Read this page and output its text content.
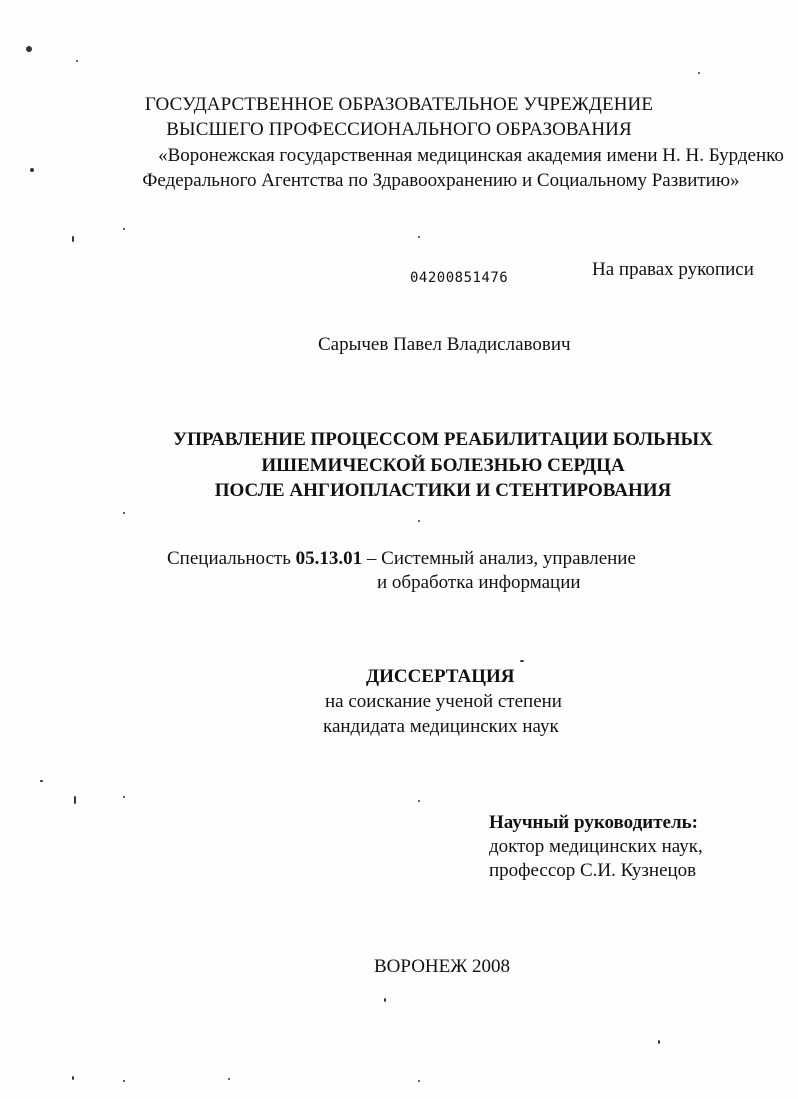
ГОСУДАРСТВЕННОЕ ОБРАЗОВАТЕЛЬНОЕ УЧРЕЖДЕНИЕ
ВЫСШЕГО ПРОФЕССИОНАЛЬНОГО ОБРАЗОВАНИЯ
«Воронежская государственная медицинская академия имени Н. Н. Бурденко
Федерального Агентства по Здравоохранению и Социальному Развитию»
04200851476	На правах рукописи
Сарычев Павел Владиславович
УПРАВЛЕНИЕ ПРОЦЕССОМ РЕАБИЛИТАЦИИ БОЛЬНЫХ
ИШЕМИЧЕСКОЙ БОЛЕЗНЬЮ СЕРДЦА
ПОСЛЕ АНГИОПЛАСТИКИ И СТЕНТИРОВАНИЯ
Специальность 05.13.01 – Системный анализ, управление
и обработка информации
ДИССЕРТАЦИЯ
на соискание ученой степени
кандидата медицинских наук
Научный руководитель:
доктор медицинских наук,
профессор С.И. Кузнецов
ВОРОНЕЖ 2008
